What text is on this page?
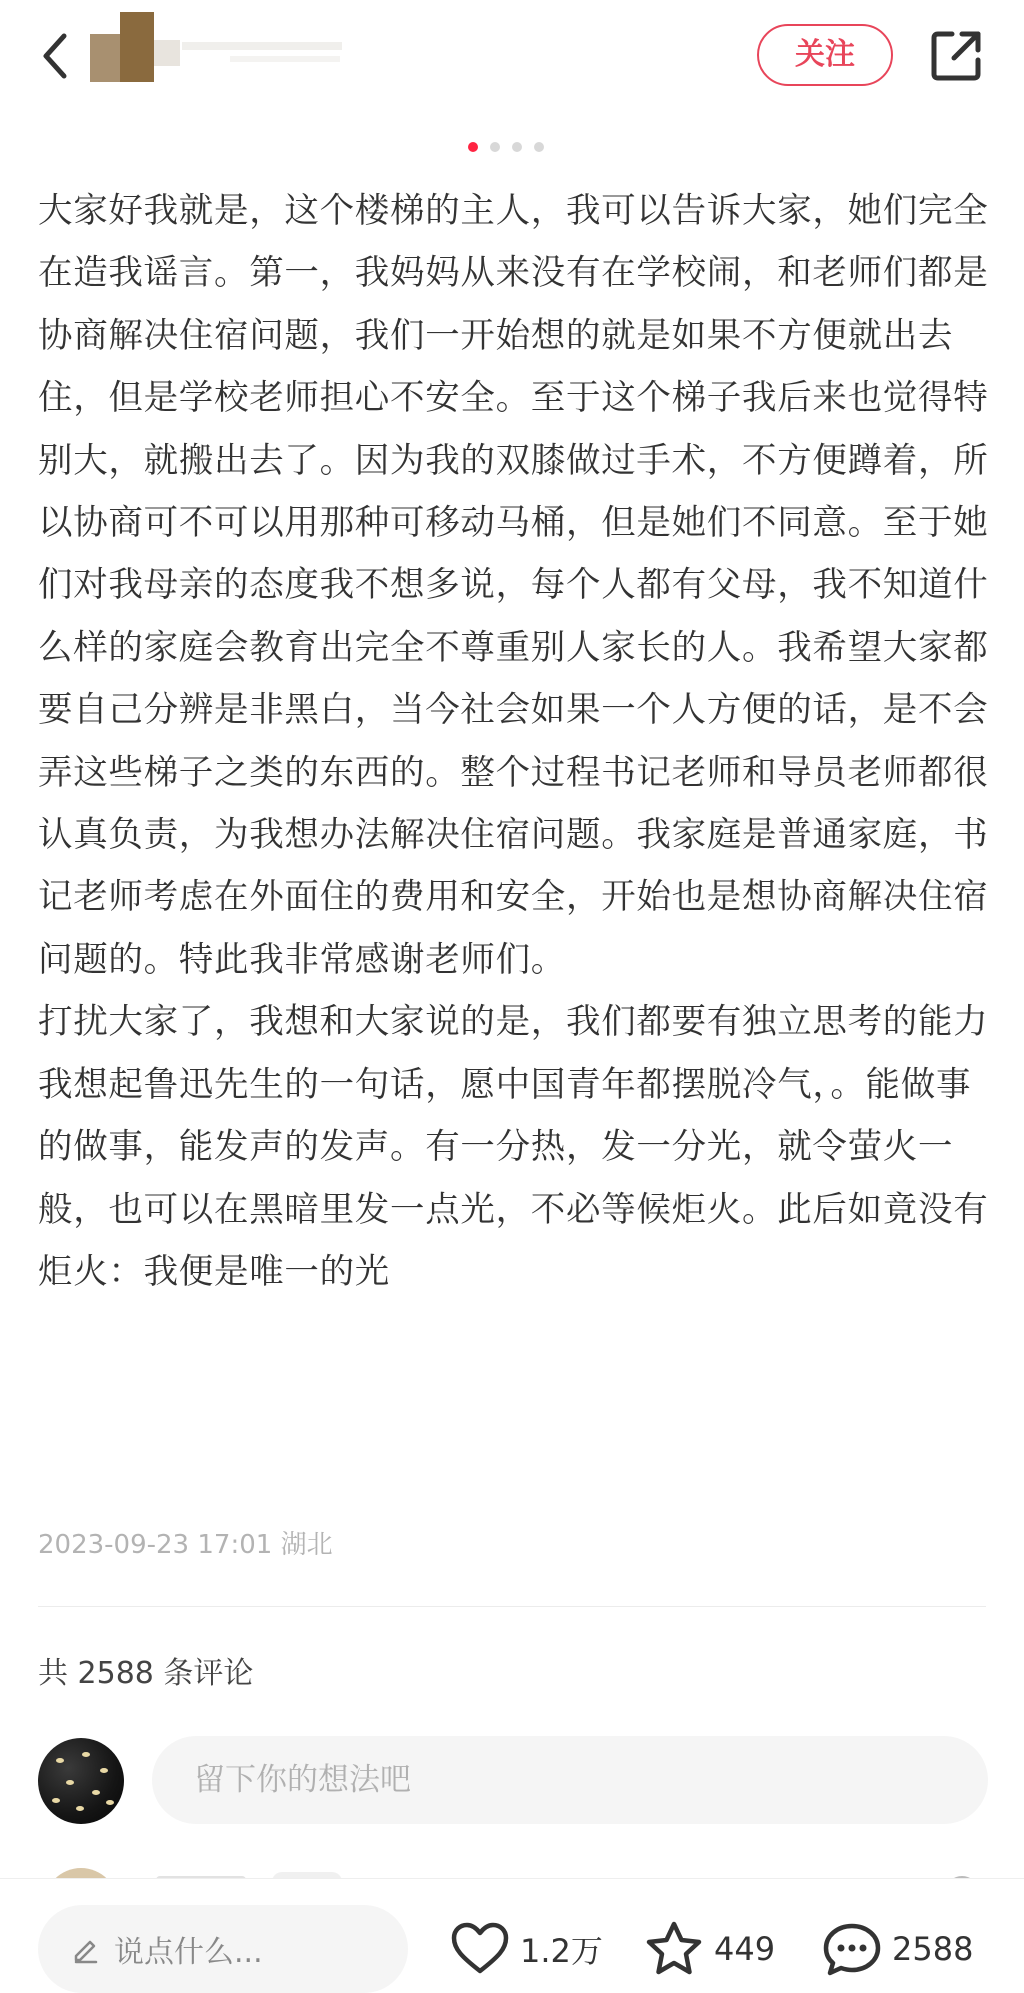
关注

大家好我就是，这个楼梯的主人，我可以告诉大家，她们完全在造我谣言。第一，我妈妈从来没有在学校闹，和老师们都是协商解决住宿问题，我们一开始想的就是如果不方便就出去住，但是学校老师担心不安全。至于这个梯子我后来也觉得特别大，就搬出去了。因为我的双膝做过手术，不方便蹲着，所以协商可不可以用那种可移动马桶，但是她们不同意。至于她们对我母亲的态度我不想多说，每个人都有父母，我不知道什么样的家庭会教育出完全不尊重别人家长的人。我希望大家都要自己分辨是非黑白，当今社会如果一个人方便的话，是不会弄这些梯子之类的东西的。整个过程书记老师和导员老师都很认真负责，为我想办法解决住宿问题。我家庭是普通家庭，书记老师考虑在外面住的费用和安全，开始也是想协商解决住宿问题的。特此我非常感谢老师们。

打扰大家了，我想和大家说的是，我们都要有独立思考的能力

我想起鲁迅先生的一句话，愿中国青年都摆脱冷气，。能做事的做事，能发声的发声。有一分热，发一分光，就令萤火一般，也可以在黑暗里发一点光，不必等候炬火。此后如竟没有炬火：我便是唯一的光

2023-09-23 17:01 湖北
共 2588 条评论
留下你的想法吧
说点什么...	1.2万	449	2588
